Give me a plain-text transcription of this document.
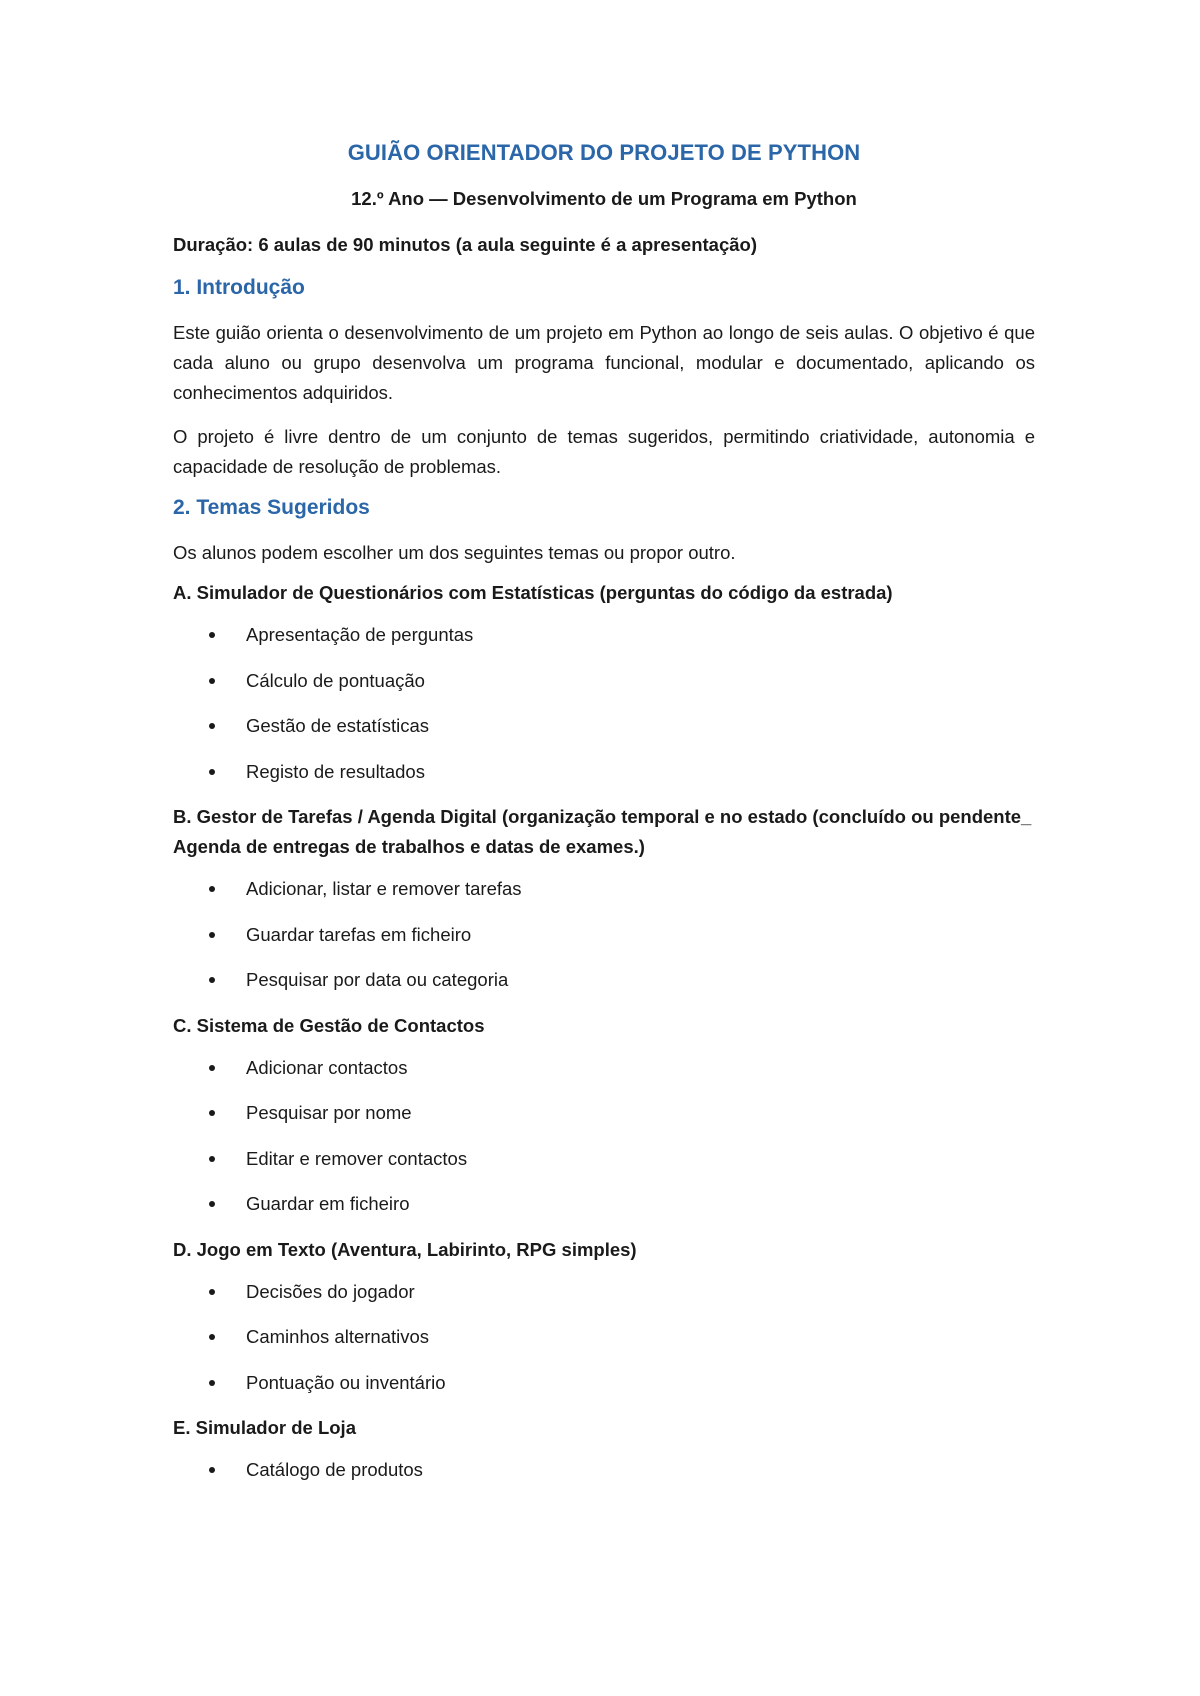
GUIÃO ORIENTADOR DO PROJETO DE PYTHON
12.º Ano — Desenvolvimento de um Programa em Python
Duração: 6 aulas de 90 minutos (a aula seguinte é a apresentação)
1. Introdução

Este guião orienta o desenvolvimento de um projeto em Python ao longo de seis aulas. O objetivo é que cada aluno ou grupo desenvolva um programa funcional, modular e documentado, aplicando os conhecimentos adquiridos.

O projeto é livre dentro de um conjunto de temas sugeridos, permitindo criatividade, autonomia e capacidade de resolução de problemas.

2. Temas Sugeridos

Os alunos podem escolher um dos seguintes temas ou propor outro.

A. Simulador de Questionários com Estatísticas (perguntas do código da estrada)
Apresentação de perguntas
Cálculo de pontuação
Gestão de estatísticas
Registo de resultados
B. Gestor de Tarefas / Agenda Digital (organização temporal e no estado (concluído ou pendente_ Agenda de entregas de trabalhos e datas de exames.)
Adicionar, listar e remover tarefas
Guardar tarefas em ficheiro
Pesquisar por data ou categoria
C. Sistema de Gestão de Contactos
Adicionar contactos
Pesquisar por nome
Editar e remover contactos
Guardar em ficheiro
D. Jogo em Texto (Aventura, Labirinto, RPG simples)
Decisões do jogador
Caminhos alternativos
Pontuação ou inventário
E. Simulador de Loja
Catálogo de produtos
